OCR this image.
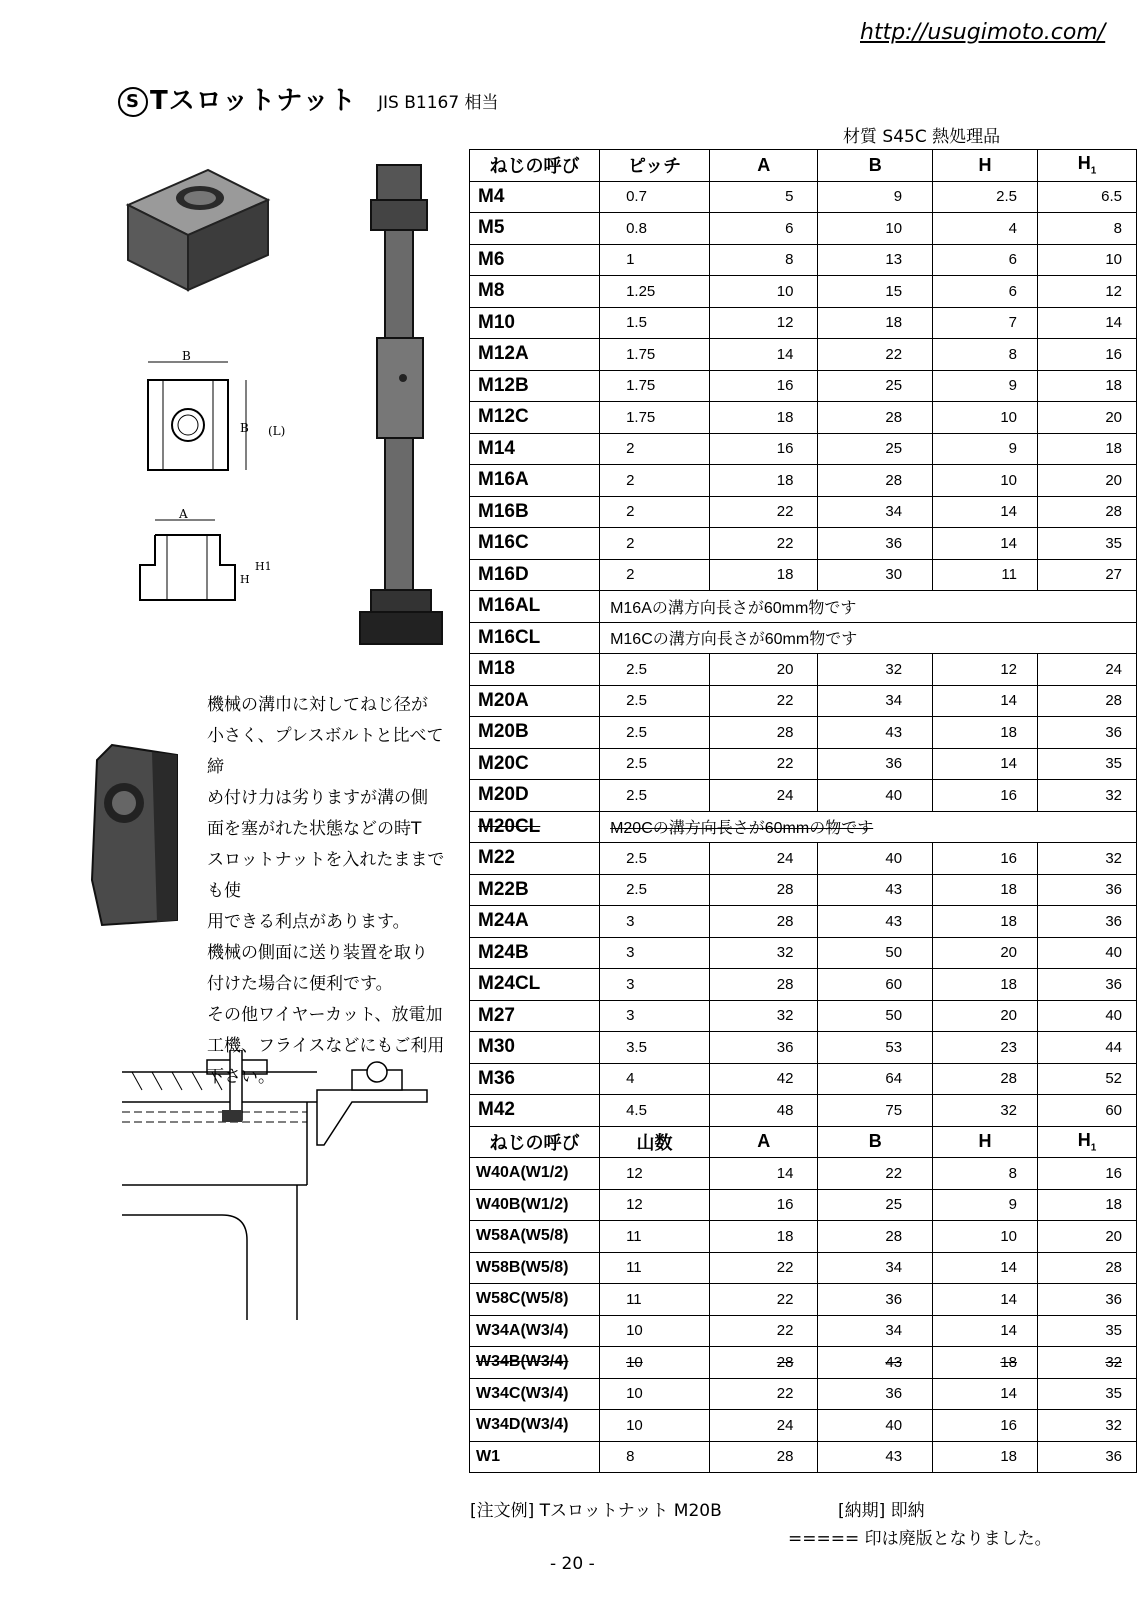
http://usugimoto.com/
S Tスロットナット JIS B1167 相当
材質 S45C 熱処理品
B
B (L)
A
H
H1
ねじの呼び	ピッチ	A	B	H	$H_1$
M4	0.7	5	9	2.5	6.5
M5	0.8	6	10	4	8
M6	1	8	13	6	10
M8	1.25	10	15	6	12
M10	1.5	12	18	7	14
M12A	1.75	14	22	8	16
M12B	1.75	16	25	9	18
M12C	1.75	18	28	10	20
M14	2	16	25	9	18
M16A	2	18	28	10	20
M16B	2	22	34	14	28
M16C	2	22	36	14	35
M16D	2	18	30	11	27
M16AL	M16Aの溝方向長さが60mm物です				
M16CL	M16Cの溝方向長さが60mm物です				
M18	2.5	20	32	12	24
M20A	2.5	22	34	14	28
M20B	2.5	28	43	18	36
M20C	2.5	22	36	14	35
M20D	2.5	24	40	16	32
M20CL	M20Cの溝方向長さが60mmの物です				
M22	2.5	24	40	16	32
M22B	2.5	28	43	18	36
M24A	3	28	43	18	36
M24B	3	32	50	20	40
M24CL	3	28	60	18	36
M27	3	32	50	20	40
M30	3.5	36	53	23	44
M36	4	42	64	28	52
M42	4.5	48	75	32	60
ねじの呼び	山数	A	B	H	$H_1$
W40A(W1/2)	12	14	22	8	16
W40B(W1/2)	12	16	25	9	18
W58A(W5/8)	11	18	28	10	20
W58B(W5/8)	11	22	34	14	28
W58C(W5/8)	11	22	36	14	36
W34A(W3/4)	10	22	34	14	35
W34B(W3/4)	10	28	43	18	32
W34C(W3/4)	10	22	36	14	35
W34D(W3/4)	10	24	40	16	32
W1	8	28	43	18	36

機械の溝巾に対してねじ径が

小さく、プレスボルトと比べて締

め付け力は劣りますが溝の側

面を塞がれた状態などの時T

スロットナットを入れたままでも使

用できる利点があります。

機械の側面に送り装置を取り

付けた場合に便利です。

その他ワイヤーカット、放電加

工機、フライスなどにもご利用

下さい。

[注文例] Tスロットナット M20B	[納期] 即納
===== 印は廃版となりました。
- 20 -
